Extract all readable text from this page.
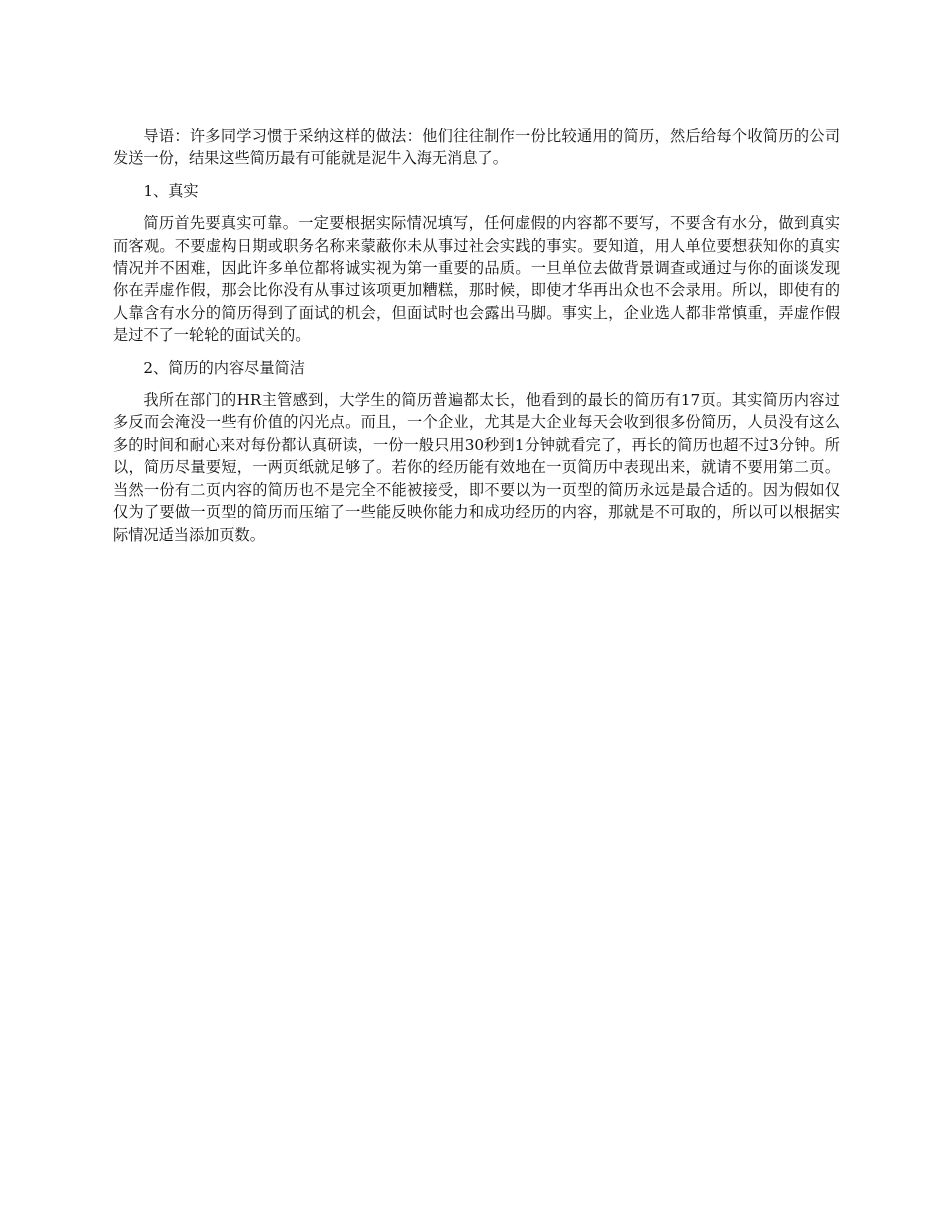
导语：许多同学习惯于采纳这样的做法：他们往往制作一份比较通用的简历，然后给每个收简历的公司发送一份，结果这些简历最有可能就是泥牛入海无消息了。

1、真实

简历首先要真实可靠。一定要根据实际情况填写，任何虚假的内容都不要写，不要含有水分，做到真实而客观。不要虚构日期或职务名称来蒙蔽你未从事过社会实践的事实。要知道，用人单位要想获知你的真实情况并不困难，因此许多单位都将诚实视为第一重要的品质。一旦单位去做背景调查或通过与你的面谈发现你在弄虚作假，那会比你没有从事过该项更加糟糕，那时候，即使才华再出众也不会录用。所以，即使有的人靠含有水分的简历得到了面试的机会，但面试时也会露出马脚。事实上，企业选人都非常慎重，弄虚作假是过不了一轮轮的面试关的。

2、简历的内容尽量简洁

我所在部门的HR主管感到，大学生的简历普遍都太长，他看到的最长的简历有17页。其实简历内容过多反而会淹没一些有价值的闪光点。而且，一个企业，尤其是大企业每天会收到很多份简历，人员没有这么多的时间和耐心来对每份都认真研读，一份一般只用30秒到1分钟就看完了，再长的简历也超不过3分钟。所以，简历尽量要短，一两页纸就足够了。若你的经历能有效地在一页简历中表现出来，就请不要用第二页。当然一份有二页内容的简历也不是完全不能被接受，即不要以为一页型的简历永远是最合适的。因为假如仅仅为了要做一页型的简历而压缩了一些能反映你能力和成功经历的内容，那就是不可取的，所以可以根据实际情况适当添加页数。
